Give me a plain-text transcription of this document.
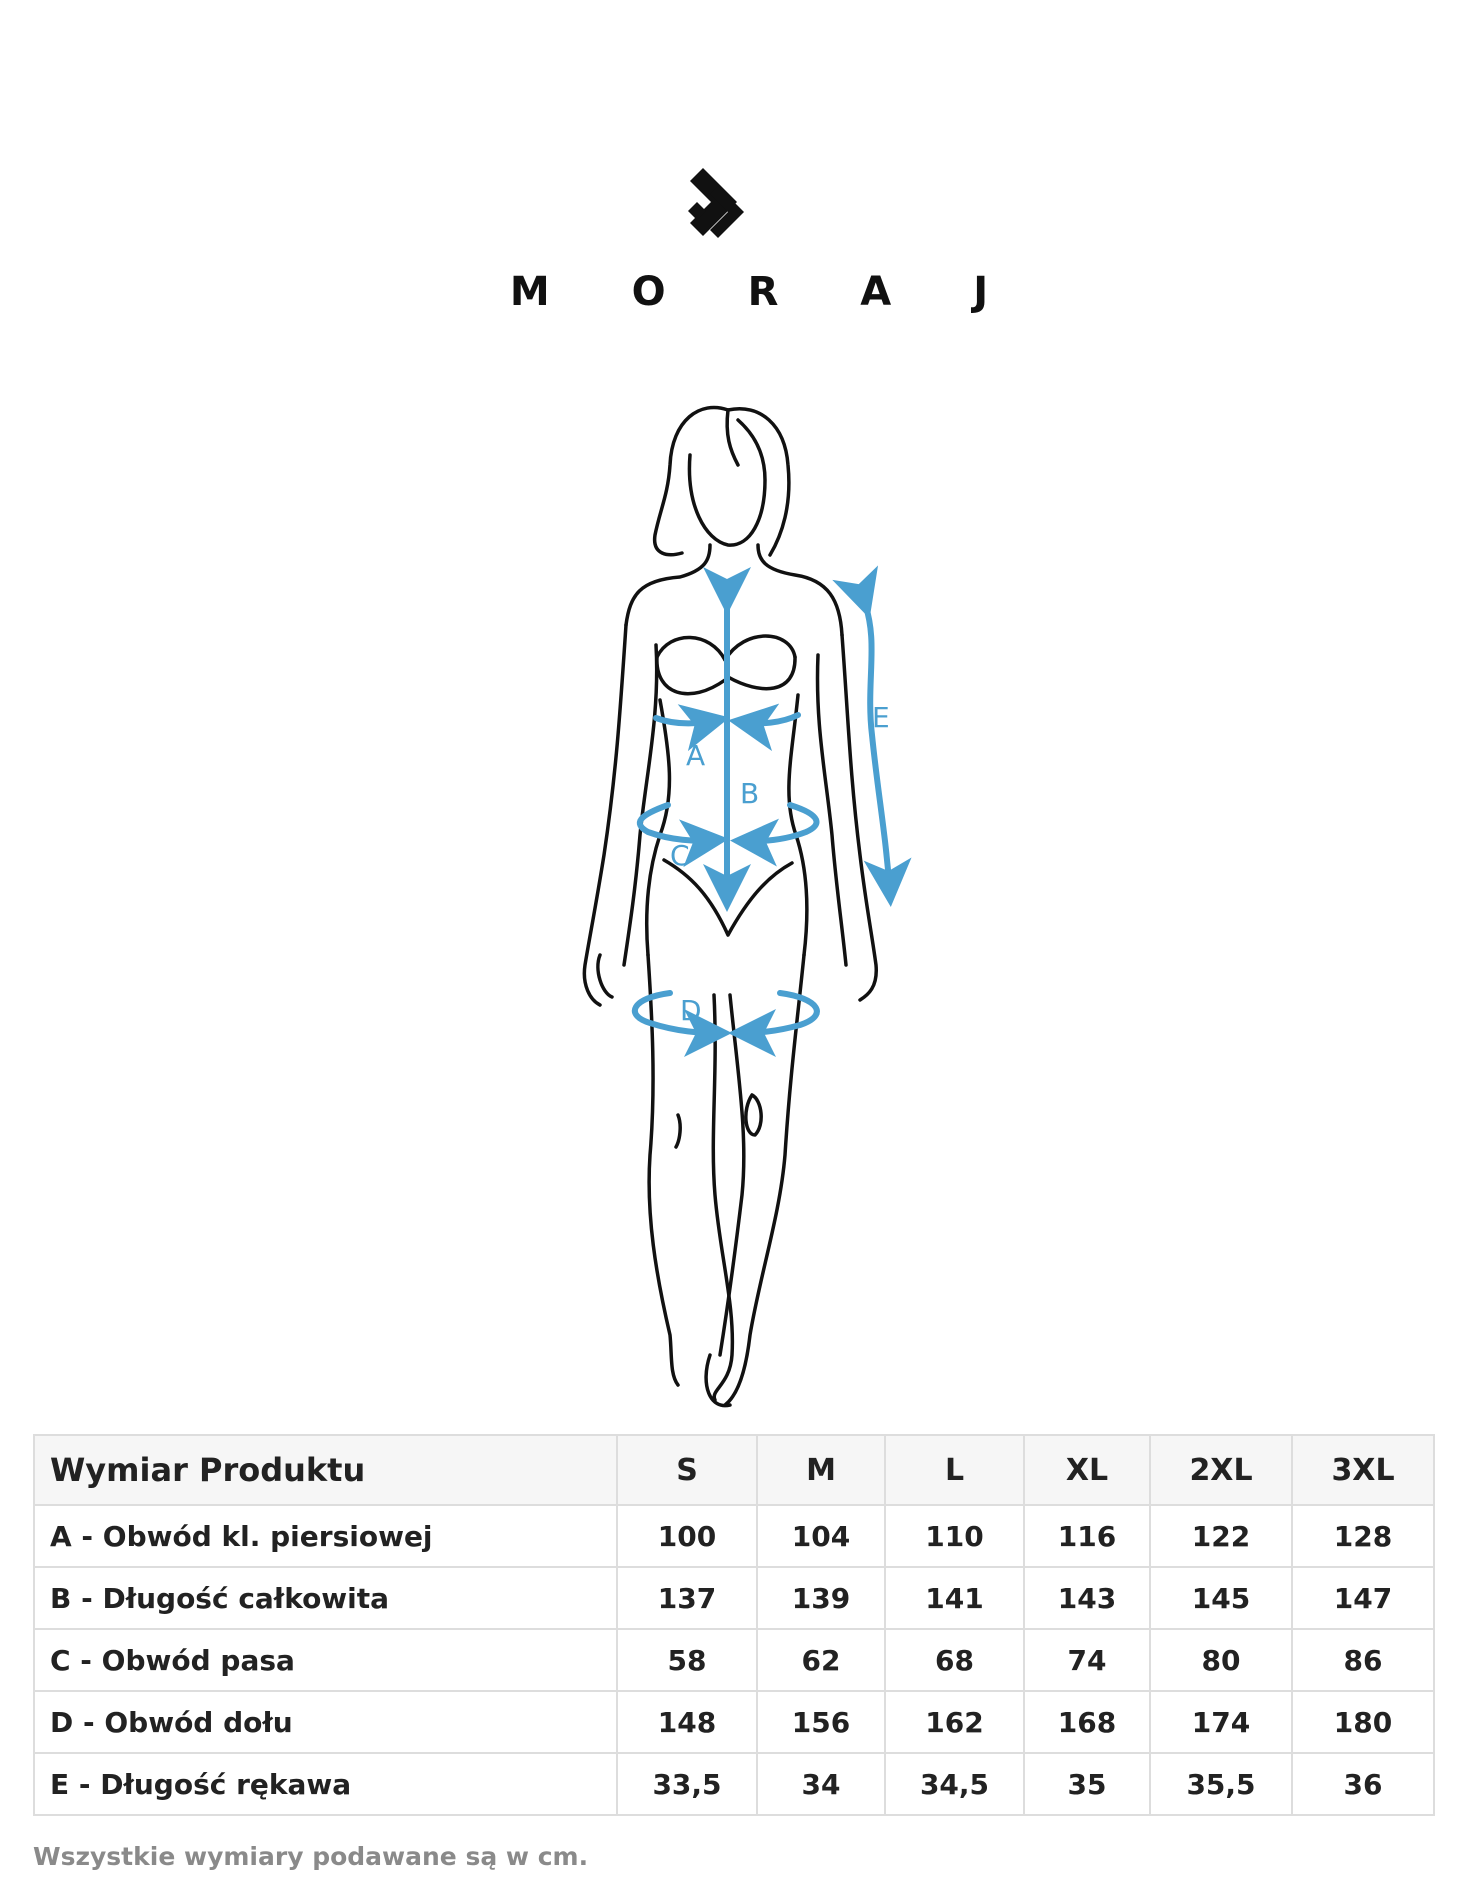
M O R A J
A
B
C
D
E
Wymiar Produktu	S	M	L	XL	2XL	3XL
A - Obwód kl. piersiowej	100	104	110	116	122	128
B - Długość całkowita	137	139	141	143	145	147
C - Obwód pasa	58	62	68	74	80	86
D - Obwód dołu	148	156	162	168	174	180
E - Długość rękawa	33,5	34	34,5	35	35,5	36
Wszystkie wymiary podawane są w cm.
